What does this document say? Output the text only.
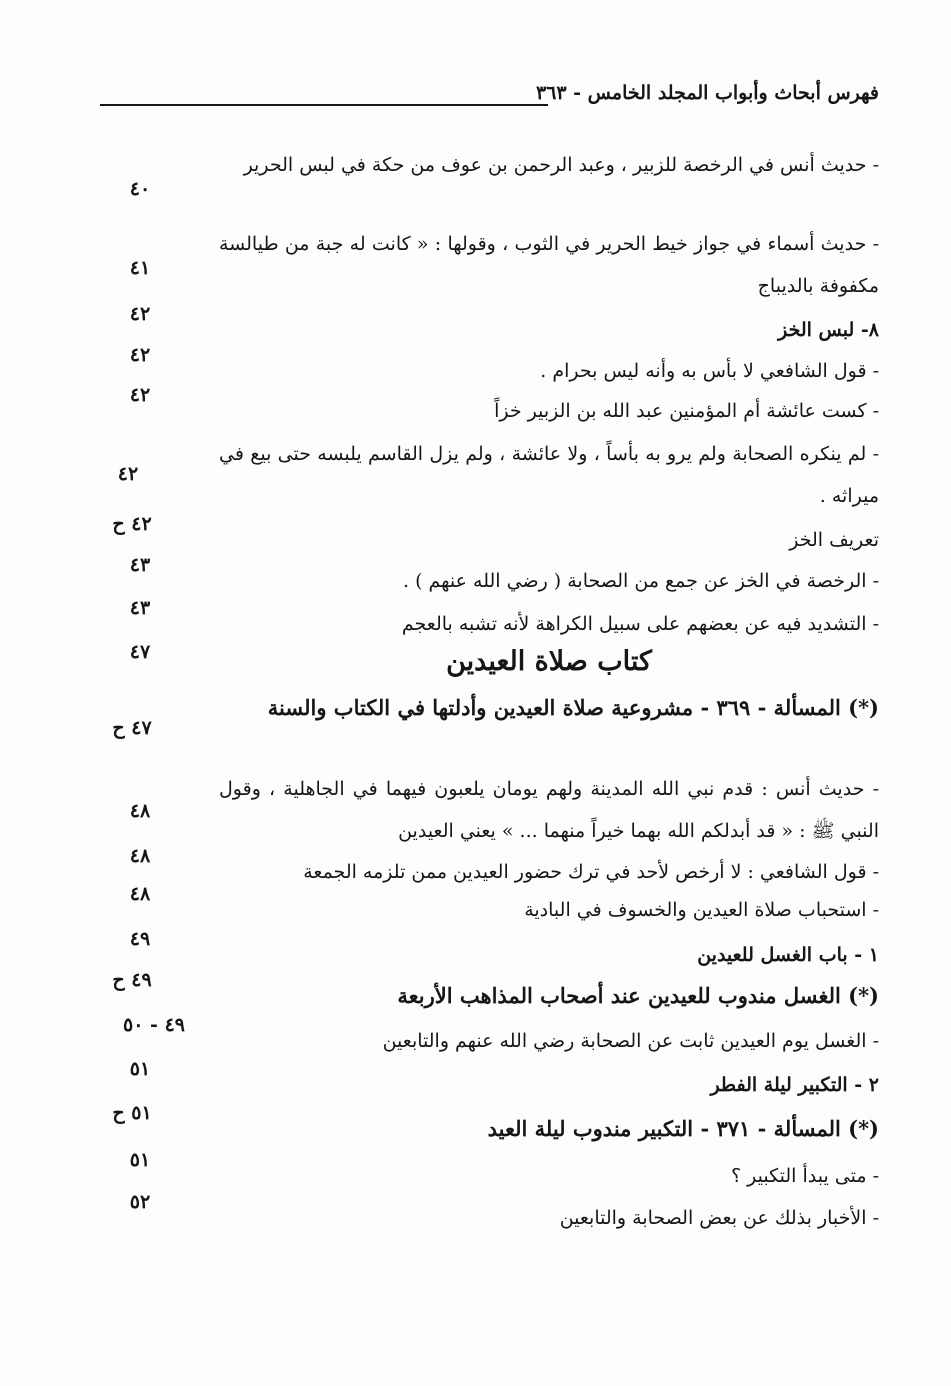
فهرس أبحاث وأبواب المجلد الخامس - ٣٦٣
- حديث أنس في الرخصة للزبير ، وعبد الرحمن بن عوف من حكة في لبس الحرير
٤٠
- حديث أسماء في جواز خيط الحرير في الثوب ، وقولها : « كانت له جبة من طيالسة مكفوفة بالديباج
٤١
٨- لبس الخز
٤٢
- قول الشافعي لا بأس به وأنه ليس بحرام .
٤٢
- كست عائشة أم المؤمنين عبد الله بن الزبير خزاً
٤٢
- لم ينكره الصحابة ولم يرو به بأساً ، ولا عائشة ، ولم يزل القاسم يلبسه حتى بيع في ميراثه .
٤٢
تعريف الخز
٤٢ ح
- الرخصة في الخز عن جمع من الصحابة ( رضي الله عنهم ) .
٤٣
- التشديد فيه عن بعضهم على سبيل الكراهة لأنه تشبه بالعجم
٤٣
كتاب صلاة العيدين
٤٧
(*) المسألة - ٣٦٩ - مشروعية صلاة العيدين وأدلتها في الكتاب والسنة
٤٧ ح
- حديث أنس : قدم نبي الله المدينة ولهم يومان يلعبون فيهما في الجاهلية ، وقول النبي ﷺ : « قد أبدلكم الله بهما خيراً منهما ... » يعني العيدين
٤٨
- قول الشافعي : لا أرخص لأحد في ترك حضور العيدين ممن تلزمه الجمعة
٤٨
- استحباب صلاة العيدين والخسوف في البادية
٤٨
١ - باب الغسل للعيدين
٤٩
(*) الغسل مندوب للعيدين عند أصحاب المذاهب الأربعة
٤٩ ح
- الغسل يوم العيدين ثابت عن الصحابة رضي الله عنهم والتابعين
٤٩ - ٥٠
٢ - التكبير ليلة الفطر
٥١
(*) المسألة - ٣٧١ - التكبير مندوب ليلة العيد
٥١ ح
- متى يبدأ التكبير ؟
٥١
- الأخبار بذلك عن بعض الصحابة والتابعين
٥٢
